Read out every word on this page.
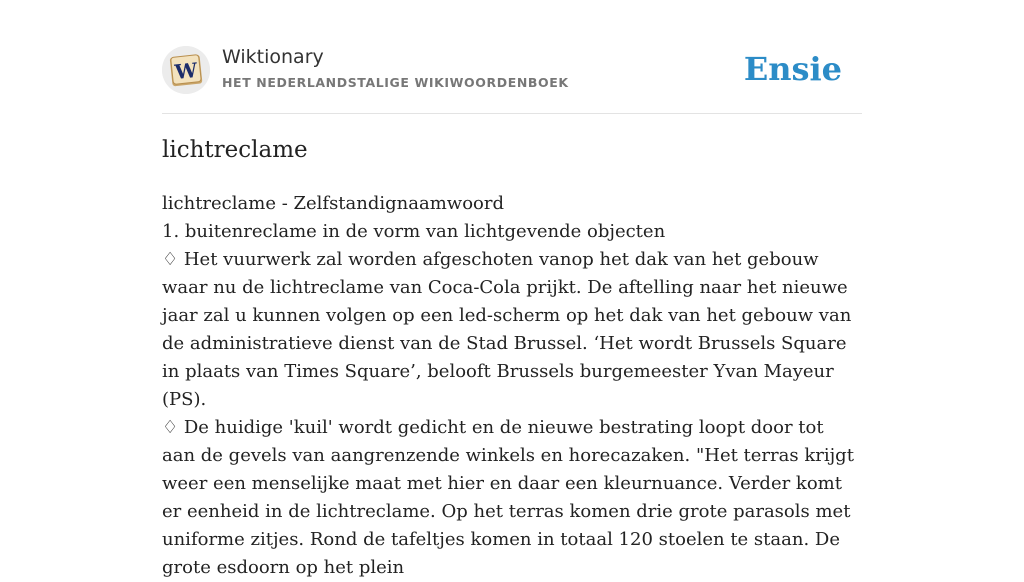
W
Wiktionary
HET NEDERLANDSTALIGE WIKIWOORDENBOEK	Ensie
lichtreclame

lichtreclame - Zelfstandignaamwoord

1. buitenreclame in de vorm van lichtgevende objecten

♢ Het vuurwerk zal worden afgeschoten vanop het dak van het gebouw waar nu de lichtreclame van Coca-Cola prijkt. De aftelling naar het nieuwe jaar zal u kunnen volgen op een led-scherm op het dak van het gebouw van de administratieve dienst van de Stad Brussel. ‘Het wordt Brussels Square in plaats van Times Square’, belooft Brussels burgemeester Yvan Mayeur (PS).

♢ De huidige 'kuil' wordt gedicht en de nieuwe bestrating loopt door tot aan de gevels van aangrenzende winkels en horecazaken. "Het terras krijgt weer een menselijke maat met hier en daar een kleurnuance. Verder komt er eenheid in de lichtreclame. Op het terras komen drie grote parasols met uniforme zitjes. Rond de tafeltjes komen in totaal 120 stoelen te staan. De grote esdoorn op het plein
